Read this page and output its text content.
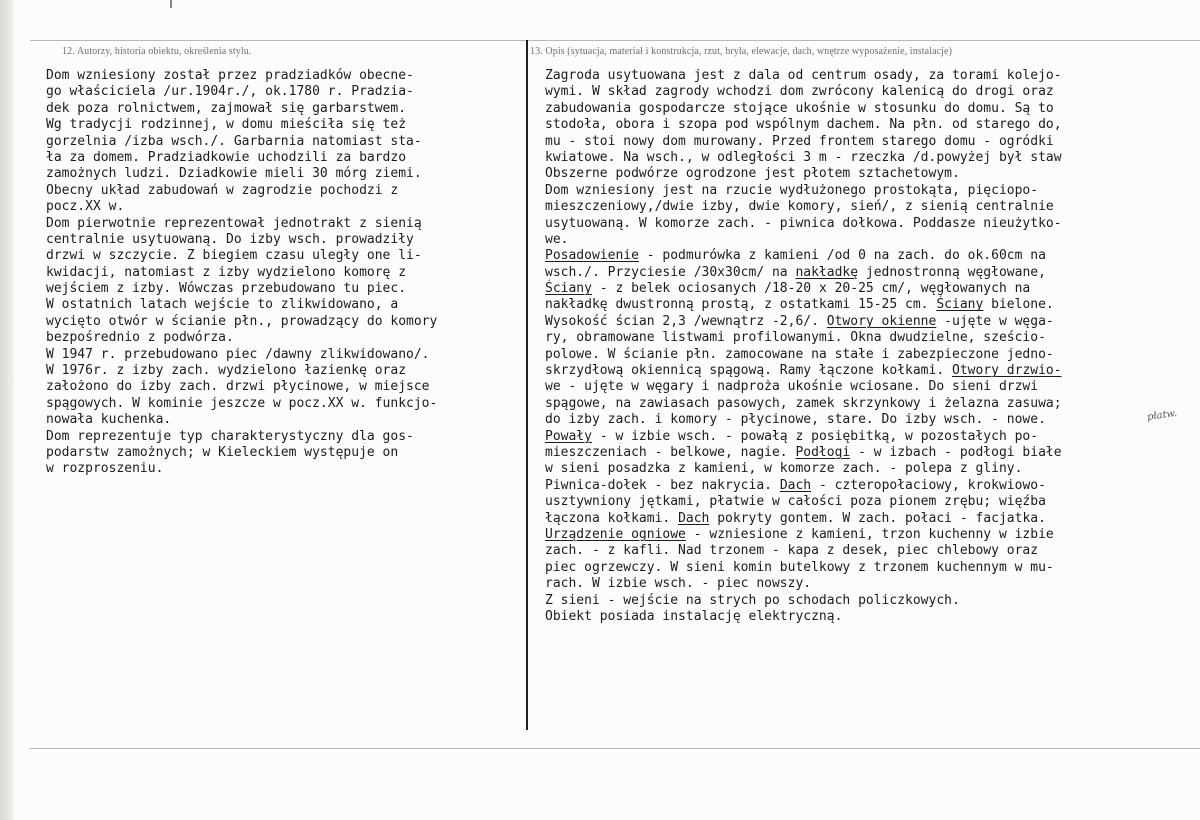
12. Autorzy, historia obiektu, określenia stylu.	13. Opis (sytuacja, materiał i konstrukcja, rzut, bryła, elewacje, dach, wnętrze wyposażenie, instalacje)
Dom wzniesiony został przez pradziadków obecne-
go właściciela /ur.1904r./, ok.1780 r. Pradzia-
dek poza rolnictwem, zajmował się garbarstwem.
Wg tradycji rodzinnej, w domu mieściła się też
gorzelnia /izba wsch./. Garbarnia natomiast sta-
ła za domem. Pradziadkowie uchodzili za bardzo
zamożnych ludzi. Dziadkowie mieli 30 mórg ziemi.
Obecny układ zabudowań w zagrodzie pochodzi z
pocz.XX w.
Dom pierwotnie reprezentował jednotrakt z sienią
centralnie usytuowaną. Do izby wsch. prowadziły
drzwi w szczycie. Z biegiem czasu uległy one li-
kwidacji, natomiast z izby wydzielono komorę z
wejściem z izby. Wówczas przebudowano tu piec.
W ostatnich latach wejście to zlikwidowano, a
wycięto otwór w ścianie płn., prowadzący do komory
bezpośrednio z podwórza.
W 1947 r. przebudowano piec /dawny zlikwidowano/.
W 1976r. z izby zach. wydzielono łazienkę oraz
założono do izby zach. drzwi płycinowe, w miejsce
spągowych. W kominie jeszcze w pocz.XX w. funkcjo-
nowała kuchenka.
Dom reprezentuje typ charakterystyczny dla gos-
podarstw zamożnych; w Kieleckiem występuje on
w rozproszeniu.
Zagroda usytuowana jest z dala od centrum osady, za torami kolejo-
wymi. W skład zagrody wchodzi dom zwrócony kalenicą do drogi oraz
zabudowania gospodarcze stojące ukośnie w stosunku do domu. Są to
stodoła, obora i szopa pod wspólnym dachem. Na płn. od starego do,
mu - stoi nowy dom murowany. Przed frontem starego domu - ogródki
kwiatowe. Na wsch., w odległości 3 m - rzeczka /d.powyżej był staw
Obszerne podwórze ogrodzone jest płotem sztachetowym.
Dom wzniesiony jest na rzucie wydłużonego prostokąta, pięciopo-
mieszczeniowy,/dwie izby, dwie komory, sień/, z sienią centralnie
usytuowaną. W komorze zach. - piwnica dołkowa. Poddasze nieużytko-
we.
Posadowienie - podmurówka z kamieni /od 0 na zach. do ok.60cm na
wsch./. Przyciesie /30x30cm/ na nakładkę jednostronną węgłowane,
Ściany - z belek ociosanych /18-20 x 20-25 cm/, węgłowanych na
nakładkę dwustronną prostą, z ostatkami 15-25 cm. Ściany bielone.
Wysokość ścian 2,3 /wewnątrz -2,6/. Otwory okienne -ujęte w węga-
ry, obramowane listwami profilowanymi. Okna dwudzielne, sześcio-
polowe. W ścianie płn. zamocowane na stałe i zabezpieczone jedno-
skrzydłową okiennicą spągową. Ramy łączone kołkami. Otwory drzwio-
we - ujęte w węgary i nadproża ukośnie wciosane. Do sieni drzwi
spągowe, na zawiasach pasowych, zamek skrzynkowy i żelazna zasuwa;
do izby zach. i komory - płycinowe, stare. Do izby wsch. - nowe.
Powały - w izbie wsch. - powałą z posiębitką, w pozostałych po-
mieszczeniach - belkowe, nagie. Podłogi - w izbach - podłogi białe
w sieni posadzka z kamieni, w komorze zach. - polepa z gliny.
Piwnica-dołek - bez nakrycia. Dach - czteropołaciowy, krokwiowo-
usztywniony jętkami, płatwie w całości poza pionem zrębu; więźba
łączona kołkami. Dach pokryty gontem. W zach. połaci - facjatka.
Urządzenie ogniowe - wzniesione z kamieni, trzon kuchenny w izbie
zach. - z kafli. Nad trzonem - kapa z desek, piec chlebowy oraz
piec ogrzewczy. W sieni komin butelkowy z trzonem kuchennym w mu-
rach. W izbie wsch. - piec nowszy.
Z sieni - wejście na strych po schodach policzkowych.
Obiekt posiada instalację elektryczną.
płatw.
